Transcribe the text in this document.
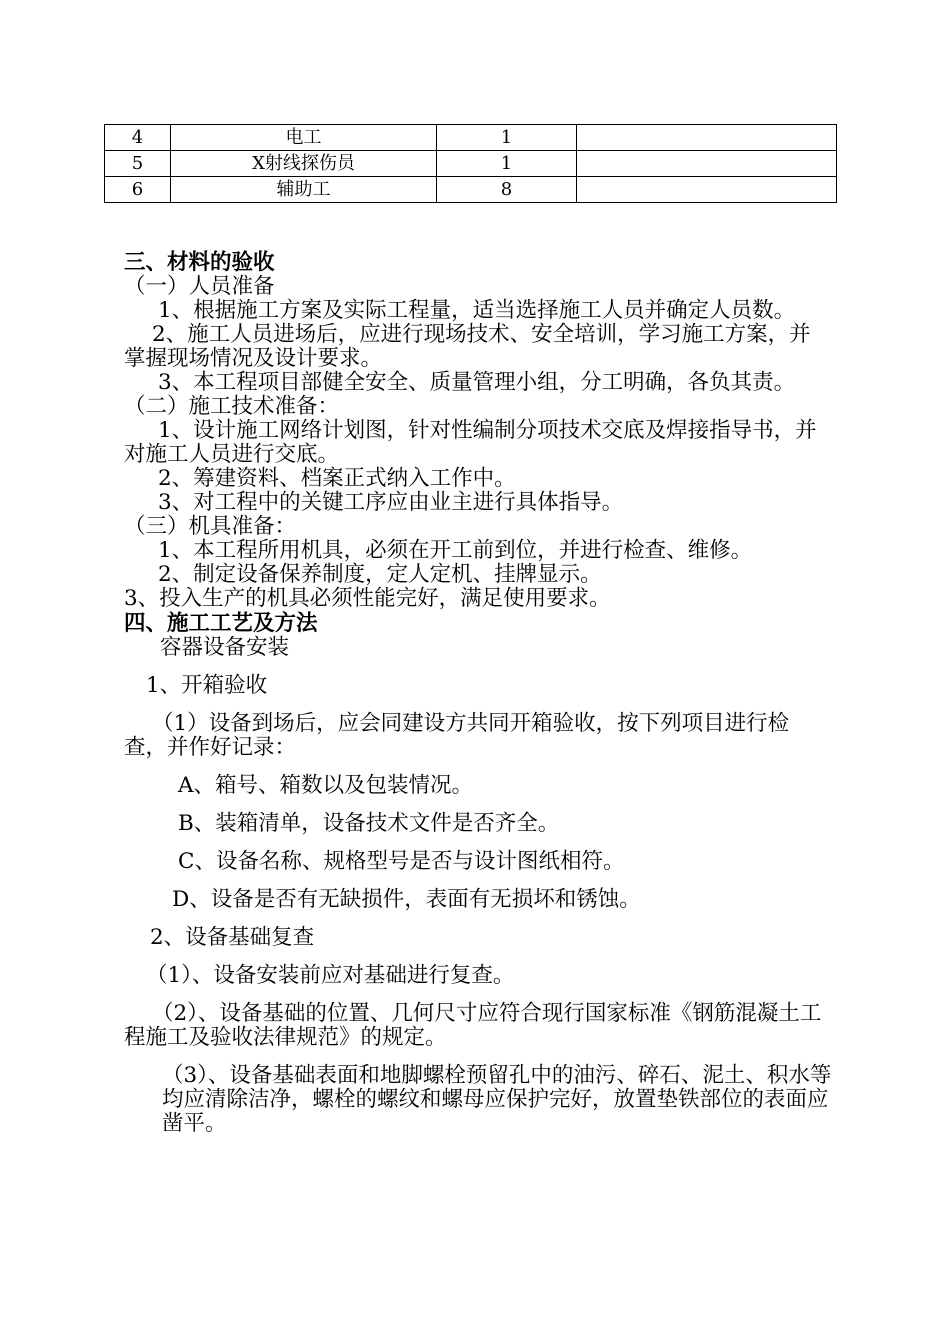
4	电工	1	
5	X射线探伤员	1	
6	辅助工	8	

三、材料的验收

（一）人员准备

1、根据施工方案及实际工程量，适当选择施工人员并确定人员数。

2、施工人员进场后，应进行现场技术、安全培训，学习施工方案，并掌握现场情况及设计要求。

3、本工程项目部健全安全、质量管理小组，分工明确，各负其责。

（二）施工技术准备：

1、设计施工网络计划图，针对性编制分项技术交底及焊接指导书，并对施工人员进行交底。

2、筹建资料、档案正式纳入工作中。

3、对工程中的关键工序应由业主进行具体指导。

（三）机具准备：

1、本工程所用机具，必须在开工前到位，并进行检查、维修。

2、制定设备保养制度，定人定机、挂牌显示。

3、投入生产的机具必须性能完好，满足使用要求。

四、施工工艺及方法

容器设备安装

1、开箱验收

（1）设备到场后，应会同建设方共同开箱验收，按下列项目进行检查，并作好记录：

A、箱号、箱数以及包装情况。

B、装箱清单，设备技术文件是否齐全。

C、设备名称、规格型号是否与设计图纸相符。

D、设备是否有无缺损件，表面有无损坏和锈蚀。

2、设备基础复查

（1）、设备安装前应对基础进行复查。

（2）、设备基础的位置、几何尺寸应符合现行国家标准《钢筋混凝土工程施工及验收法律规范》的规定。

（3）、设备基础表面和地脚螺栓预留孔中的油污、碎石、泥土、积水等均应清除洁净，螺栓的螺纹和螺母应保护完好，放置垫铁部位的表面应凿平。
